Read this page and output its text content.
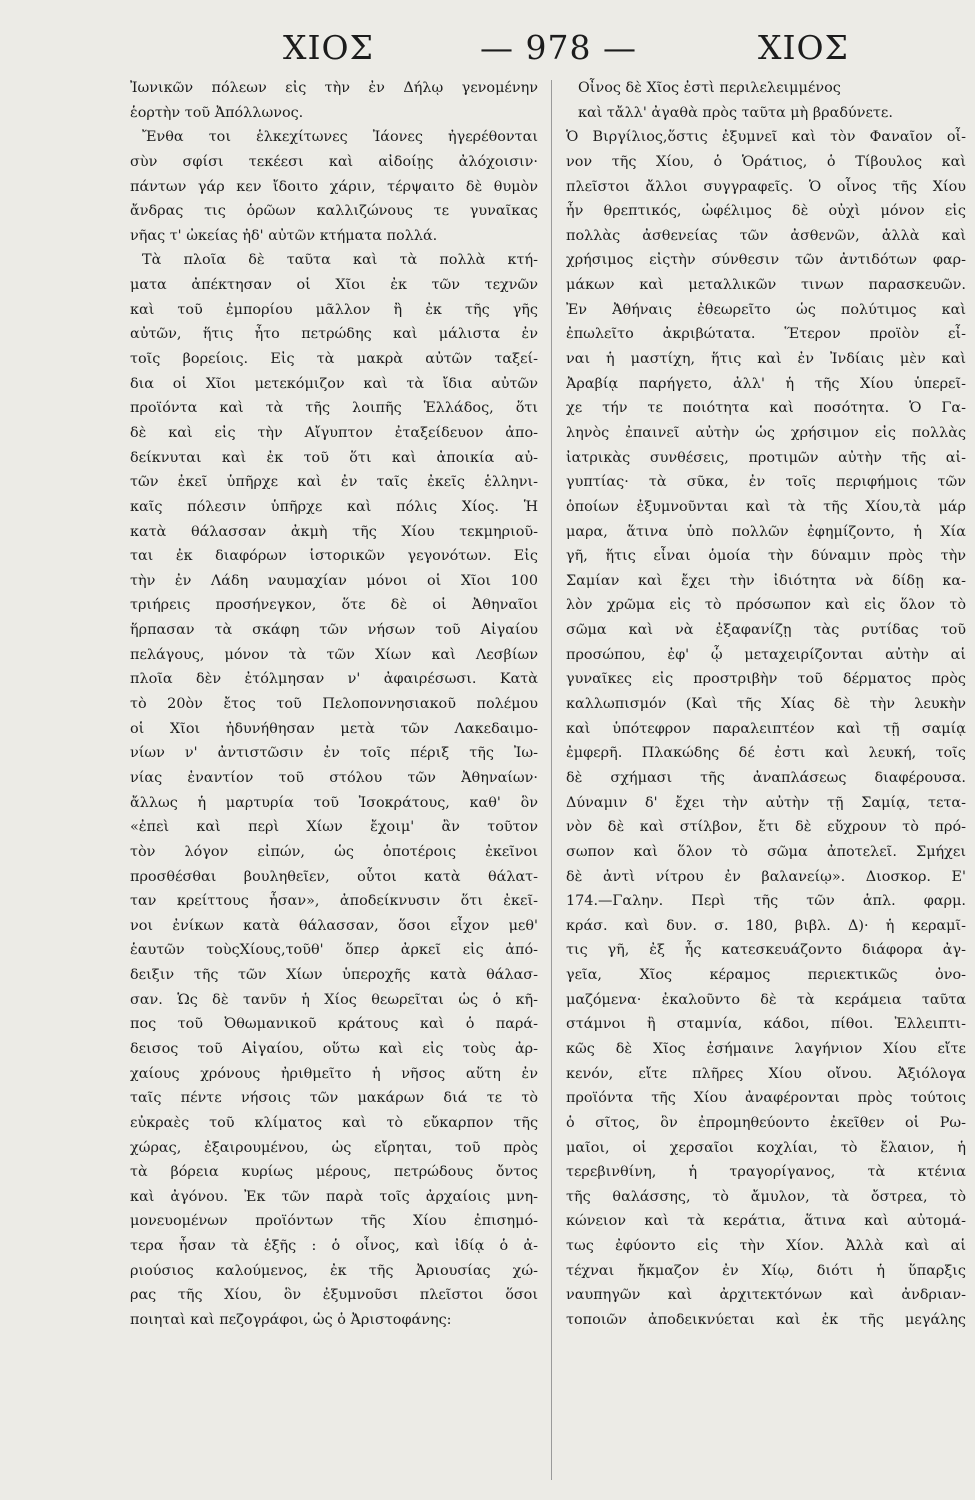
ΧΙΟΣ	— 978 —	ΧΙΟΣ
Ἰωνικῶν πόλεων εἰς τὴν ἐν Δήλῳ γενομένην
ἑορτὴν τοῦ Ἀπόλλωνος.
Ἔνθα τοι ἑλκεχίτωνες Ἰάονες ἠγερέθονται
σὺν σφίσι τεκέεσι καὶ αἰδοίῃς ἀλόχοισιν·
πάντων γάρ κεν ἴδοιτο χάριν, τέρψαιτο δὲ θυμὸν
ἄνδρας τις ὁρῶων καλλιζώνους τε γυναῖκας
νῆας τ' ὠκείας ἠδ' αὐτῶν κτήματα πολλά.
Τὰ πλοῖα δὲ ταῦτα καὶ τὰ πολλὰ κτή-
ματα ἀπέκτησαν οἱ Χῖοι ἐκ τῶν τεχνῶν
καὶ τοῦ ἐμπορίου μᾶλλον ἢ ἐκ τῆς γῆς
αὐτῶν, ἥτις ἦτο πετρώδης καὶ μάλιστα ἐν
τοῖς βορείοις. Εἰς τὰ μακρὰ αὐτῶν ταξεί-
δια οἱ Χῖοι μετεκόμιζον καὶ τὰ ἴδια αὐτῶν
προϊόντα καὶ τὰ τῆς λοιπῆς Ἑλλάδος, ὅτι
δὲ καὶ εἰς τὴν Αἴγυπτον ἐταξείδευον ἀπο-
δείκνυται καὶ ἐκ τοῦ ὅτι καὶ ἀποικία αὐ-
τῶν ἐκεῖ ὑπῆρχε καὶ ἐν ταῖς ἐκεῖς ἑλληνι-
καῖς πόλεσιν ὑπῆρχε καὶ πόλις Χίος. Ἡ
κατὰ θάλασσαν ἀκμὴ τῆς Χίου τεκμηριοῦ-
ται ἐκ διαφόρων ἱστορικῶν γεγονότων. Εἰς
τὴν ἐν Λάδη ναυμαχίαν μόνοι οἱ Χῖοι 100
τριήρεις προσήνεγκον, ὅτε δὲ οἱ Ἀθηναῖοι
ἥρπασαν τὰ σκάφη τῶν νήσων τοῦ Αἰγαίου
πελάγους, μόνον τὰ τῶν Χίων καὶ Λεσβίων
πλοῖα δὲν ἐτόλμησαν ν' ἀφαιρέσωσι. Κατὰ
τὸ 20ὸν ἔτος τοῦ Πελοποννησιακοῦ πολέμου
οἱ Χῖοι ἠδυνήθησαν μετὰ τῶν Λακεδαιμο-
νίων ν' ἀντιστῶσιν ἐν τοῖς πέριξ τῆς Ἰω-
νίας ἐναντίον τοῦ στόλου τῶν Ἀθηναίων·
ἄλλως ἡ μαρτυρία τοῦ Ἰσοκράτους, καθ' ὃν
«ἐπεὶ καὶ περὶ Χίων ἔχοιμ' ἂν τοῦτον
τὸν λόγον εἰπών, ὡς ὁποτέροις ἐκεῖνοι
προσθέσθαι βουληθεῖεν, οὗτοι κατὰ θάλατ-
ταν κρείττους ἦσαν», ἀποδείκνυσιν ὅτι ἐκεῖ-
νοι ἐνίκων κατὰ θάλασσαν, ὅσοι εἶχον μεθ'
ἑαυτῶν τοὺςΧίους,τοῦθ' ὅπερ ἀρκεῖ εἰς ἀπό-
δειξιν τῆς τῶν Χίων ὑπεροχῆς κατὰ θάλασ-
σαν. Ὡς δὲ τανῦν ἡ Χίος θεωρεῖται ὡς ὁ κῆ-
πος τοῦ Ὀθωμανικοῦ κράτους καὶ ὁ παρά-
δεισος τοῦ Αἰγαίου, οὕτω καὶ εἰς τοὺς ἀρ-
χαίους χρόνους ἠριθμεῖτο ἡ νῆσος αὕτη ἐν
ταῖς πέντε νήσοις τῶν μακάρων διά τε τὸ
εὐκραὲς τοῦ κλίματος καὶ τὸ εὔκαρπον τῆς
χώρας, ἐξαιρουμένου, ὡς εἴρηται, τοῦ πρὸς
τὰ βόρεια κυρίως μέρους, πετρώδους ὄντος
καὶ ἀγόνου. Ἐκ τῶν παρὰ τοῖς ἀρχαίοις μνη-
μονευομένων προϊόντων τῆς Χίου ἐπισημό-
τερα ἦσαν τὰ ἑξῆς : ὁ οἶνος, καὶ ἰδίᾳ ὁ ἀ-
ριούσιος καλούμενος, ἐκ τῆς Ἀριουσίας χώ-
ρας τῆς Χίου, ὃν ἐξυμνοῦσι πλεῖστοι ὅσοι
ποιηταὶ καὶ πεζογράφοι, ὡς ὁ Ἀριστοφάνης:
Οἶνος δὲ Χῖος ἐστὶ περιλελειμμένος
καὶ τἄλλ' ἀγαθὰ πρὸς ταῦτα μὴ βραδύνετε.
Ὁ Βιργίλιος,ὅστις ἐξυμνεῖ καὶ τὸν Φαναῖον οἶ-
νον τῆς Χίου, ὁ Ὁράτιος, ὁ Τίβουλος καὶ
πλεῖστοι ἄλλοι συγγραφεῖς. Ὁ οἶνος τῆς Χίου
ἦν θρεπτικός, ὠφέλιμος δὲ οὐχὶ μόνον εἰς
πολλὰς ἀσθενείας τῶν ἀσθενῶν, ἀλλὰ καὶ
χρήσιμος εἰςτὴν σύνθεσιν τῶν ἀντιδότων φαρ-
μάκων καὶ μεταλλικῶν τινων παρασκευῶν.
Ἐν Ἀθήναις ἐθεωρεῖτο ὡς πολύτιμος καὶ
ἐπωλεῖτο ἀκριβώτατα. Ἕτερον προϊὸν εἶ-
ναι ἡ μαστίχη, ἥτις καὶ ἐν Ἰνδίαις μὲν καὶ
Ἀραβίᾳ παρήγετο, ἀλλ' ἡ τῆς Χίου ὑπερεῖ-
χε τήν τε ποιότητα καὶ ποσότητα. Ὁ Γα-
ληνὸς ἐπαινεῖ αὐτὴν ὡς χρήσιμον εἰς πολλὰς
ἰατρικὰς συνθέσεις, προτιμῶν αὐτὴν τῆς αἰ-
γυπτίας· τὰ σῦκα, ἐν τοῖς περιφήμοις τῶν
ὁποίων ἐξυμνοῦνται καὶ τὰ τῆς Χίου,τὰ μάρ
μαρα, ἅτινα ὑπὸ πολλῶν ἐφημίζοντο, ἡ Χία
γῆ, ἥτις εἶναι ὁμοία τὴν δύναμιν πρὸς τὴν
Σαμίαν καὶ ἔχει τὴν ἰδιότητα νὰ δίδῃ κα-
λὸν χρῶμα εἰς τὸ πρόσωπον καὶ εἰς ὅλον τὸ
σῶμα καὶ νὰ ἐξαφανίζῃ τὰς ρυτίδας τοῦ
προσώπου, ἐφ' ᾧ μεταχειρίζονται αὐτὴν αἱ
γυναῖκες εἰς προστριβὴν τοῦ δέρματος πρὸς
καλλωπισμόν (Καὶ τῆς Χίας δὲ τὴν λευκὴν
καὶ ὑπότεφρον παραλειπτέον καὶ τῇ σαμίᾳ
ἐμφερῆ. Πλακώδης δέ ἐστι καὶ λευκή, τοῖς
δὲ σχήμασι τῆς ἀναπλάσεως διαφέρουσα.
Δύναμιν δ' ἔχει τὴν αὐτὴν τῇ Σαμίᾳ, τετα-
νὸν δὲ καὶ στίλβον, ἔτι δὲ εὔχρουν τὸ πρό-
σωπον καὶ ὅλον τὸ σῶμα ἀποτελεῖ. Σμήχει
δὲ ἀντὶ νίτρου ἐν βαλανείῳ». Διοσκορ. Ε'
174.—Γαλην. Περὶ τῆς τῶν ἁπλ. φαρμ.
κράσ. καὶ δυν. σ. 180, βιβλ. Δ)· ἡ κεραμῖ-
τις γῆ, ἐξ ἧς κατεσκευάζοντο διάφορα ἀγ-
γεῖα, Χῖος κέραμος περιεκτικῶς ὀνο-
μαζόμενα· ἐκαλοῦντο δὲ τὰ κεράμεια ταῦτα
στάμνοι ἢ σταμνία, κάδοι, πίθοι. Ἐλλειπτι-
κῶς δὲ Χῖος ἐσήμαινε λαγήνιον Χίου εἴτε
κενόν, εἴτε πλῆρες Χίου οἴνου. Ἀξιόλογα
προϊόντα τῆς Χίου ἀναφέρονται πρὸς τούτοις
ὁ σῖτος, ὃν ἐπρομηθεύοντο ἐκεῖθεν οἱ Ρω-
μαῖοι, οἱ χερσαῖοι κοχλίαι, τὸ ἔλαιον, ἡ
τερεβινθίνη, ἡ τραγορίγανος, τὰ κτένια
τῆς θαλάσσης, τὸ ἄμυλον, τὰ ὄστρεα, τὸ
κώνειον καὶ τὰ κεράτια, ἅτινα καὶ αὐτομά-
τως ἐφύοντο εἰς τὴν Χίον. Ἀλλὰ καὶ αἱ
τέχναι ἤκμαζον ἐν Χίῳ, διότι ἡ ὕπαρξις
ναυπηγῶν καὶ ἀρχιτεκτόνων καὶ ἀνδριαν-
τοποιῶν ἀποδεικνύεται καὶ ἐκ τῆς μεγάλης
